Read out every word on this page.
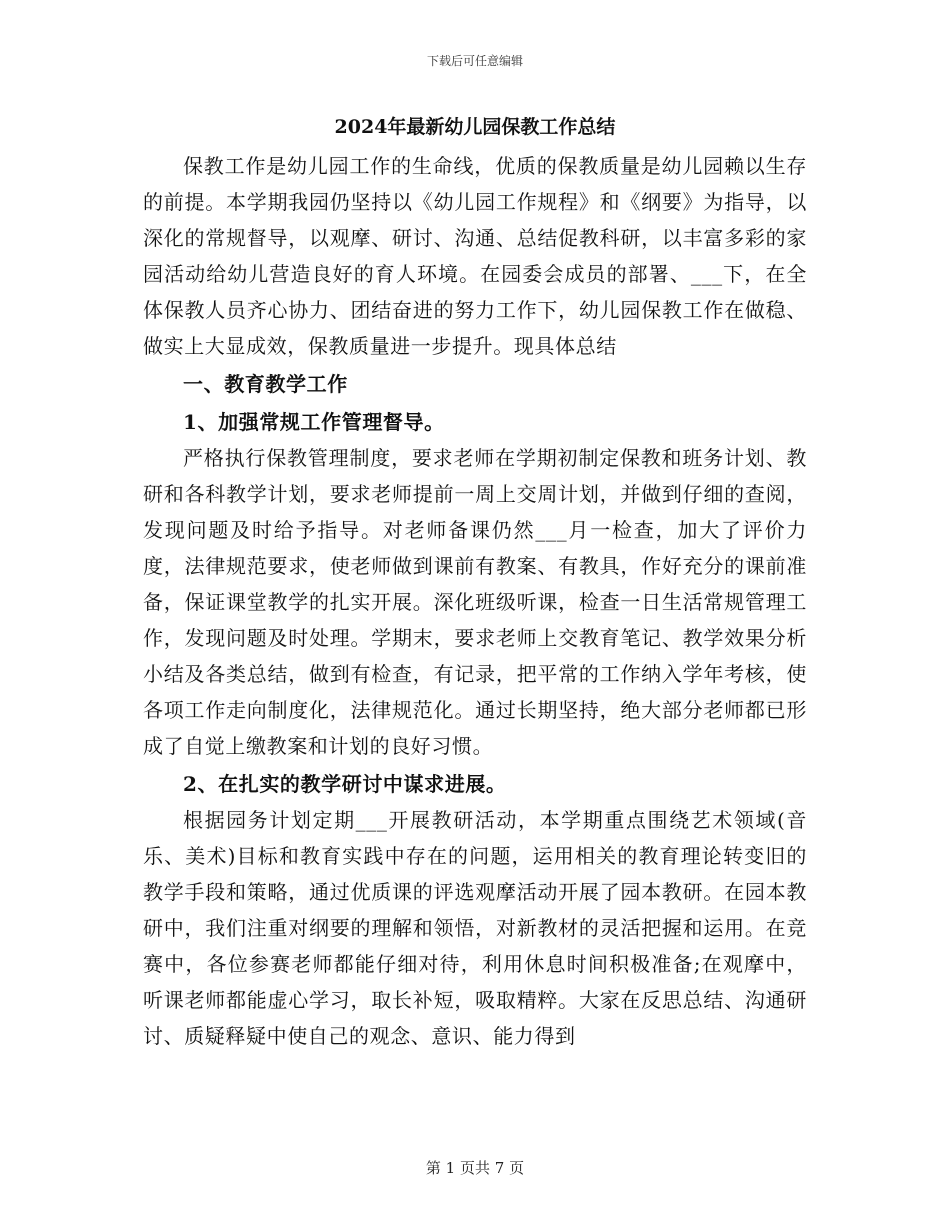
下载后可任意编辑
2024年最新幼儿园保教工作总结

保教工作是幼儿园工作的生命线，优质的保教质量是幼儿园赖以生存的前提。本学期我园仍坚持以《幼儿园工作规程》和《纲要》为指导，以深化的常规督导，以观摩、研讨、沟通、总结促教科研，以丰富多彩的家园活动给幼儿营造良好的育人环境。在园委会成员的部署、___下，在全体保教人员齐心协力、团结奋进的努力工作下，幼儿园保教工作在做稳、做实上大显成效，保教质量进一步提升。现具体总结

一、教育教学工作

1、加强常规工作管理督导。

严格执行保教管理制度，要求老师在学期初制定保教和班务计划、教研和各科教学计划，要求老师提前一周上交周计划，并做到仔细的查阅，发现问题及时给予指导。对老师备课仍然___月一检查，加大了评价力度，法律规范要求，使老师做到课前有教案、有教具，作好充分的课前准备，保证课堂教学的扎实开展。深化班级听课，检查一日生活常规管理工作，发现问题及时处理。学期末，要求老师上交教育笔记、教学效果分析小结及各类总结，做到有检查，有记录，把平常的工作纳入学年考核，使各项工作走向制度化，法律规范化。通过长期坚持，绝大部分老师都已形成了自觉上缴教案和计划的良好习惯。

2、在扎实的教学研讨中谋求进展。

根据园务计划定期___开展教研活动，本学期重点围绕艺术领域(音乐、美术)目标和教育实践中存在的问题，运用相关的教育理论转变旧的教学手段和策略，通过优质课的评选观摩活动开展了园本教研。在园本教研中，我们注重对纲要的理解和领悟，对新教材的灵活把握和运用。在竞赛中，各位参赛老师都能仔细对待，利用休息时间积极准备;在观摩中，听课老师都能虚心学习，取长补短，吸取精粹。大家在反思总结、沟通研讨、质疑释疑中使自己的观念、意识、能力得到

第 1 页共 7 页
